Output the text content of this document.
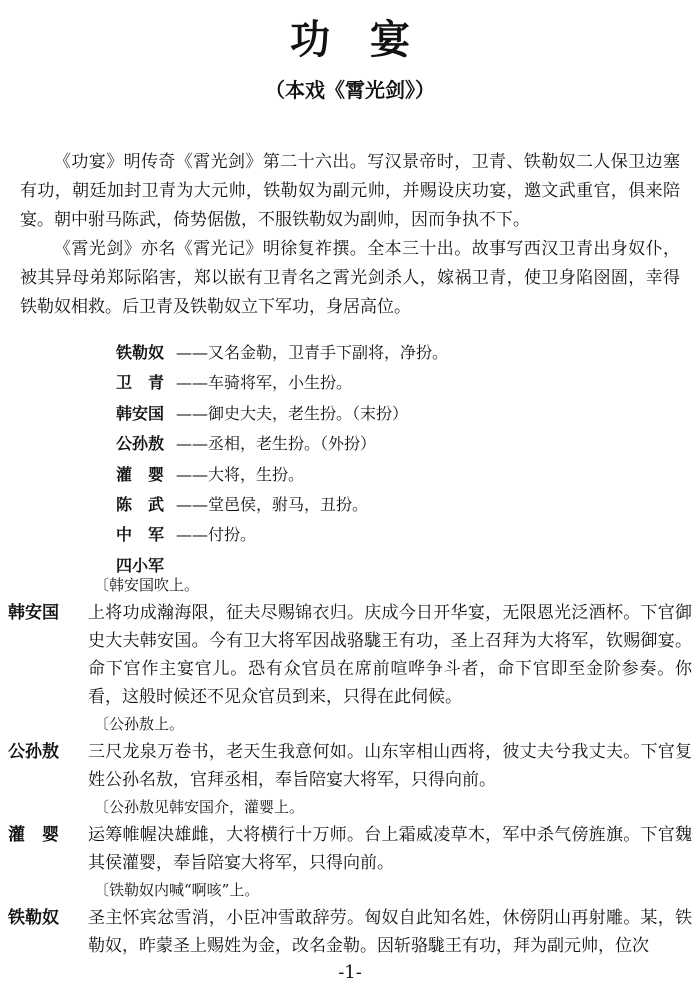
功宴
（本戏《霄光剑》）

《功宴》明传奇《霄光剑》第二十六出。写汉景帝时，卫青、铁勒奴二人保卫边塞有功，朝廷加封卫青为大元帅，铁勒奴为副元帅，并赐设庆功宴，邀文武重官，俱来陪宴。朝中驸马陈武，倚势倨傲，不服铁勒奴为副帅，因而争执不下。

《霄光剑》亦名《霄光记》明徐复祚撰。全本三十出。故事写西汉卫青出身奴仆，被其异母弟郑际陷害，郑以嵌有卫青名之霄光剑杀人，嫁祸卫青，使卫身陷囹圄，幸得铁勒奴相救。后卫青及铁勒奴立下军功，身居高位。

铁勒奴 ——又名金勒，卫青手下副将，净扮。
卫　青 ——车骑将军，小生扮。
韩安国 ——御史大夫，老生扮。（末扮）
公孙敖 ——丞相，老生扮。（外扮）
灌　婴 ——大将，生扮。
陈　武 ——堂邑侯，驸马，丑扮。
中　军 ——付扮。
四小军
〔韩安国吹上。
韩安国	上将功成瀚海限，征夫尽赐锦衣归。庆成今日开华宴，无限恩光泛酒杯。下官御史大夫韩安国。今有卫大将军因战骆駹王有功，圣上召拜为大将军，钦赐御宴。命下官作主宴官儿。恐有众官员在席前喧哗争斗者，命下官即至金阶参奏。你看，这般时候还不见众官员到来，只得在此伺候。
〔公孙敖上。
公孙敖	三尺龙泉万卷书，老天生我意何如。山东宰相山西将，彼丈夫兮我丈夫。下官复姓公孙名敖，官拜丞相，奉旨陪宴大将军，只得向前。
〔公孙敖见韩安国介，灌婴上。
灌　婴	运筹帷幄决雄雌，大将横行十万师。台上霜威凌草木，军中杀气傍旌旗。下官魏其侯灌婴，奉旨陪宴大将军，只得向前。
〔铁勒奴内喊“啊咳”上。
铁勒奴	圣主怀宾忿雪消，小臣冲雪敢辞劳。匈奴自此知名姓，休傍阴山再射雕。某，铁勒奴，昨蒙圣上赐姓为金，改名金勒。因斩骆駹王有功，拜为副元帅，位次
-1-
